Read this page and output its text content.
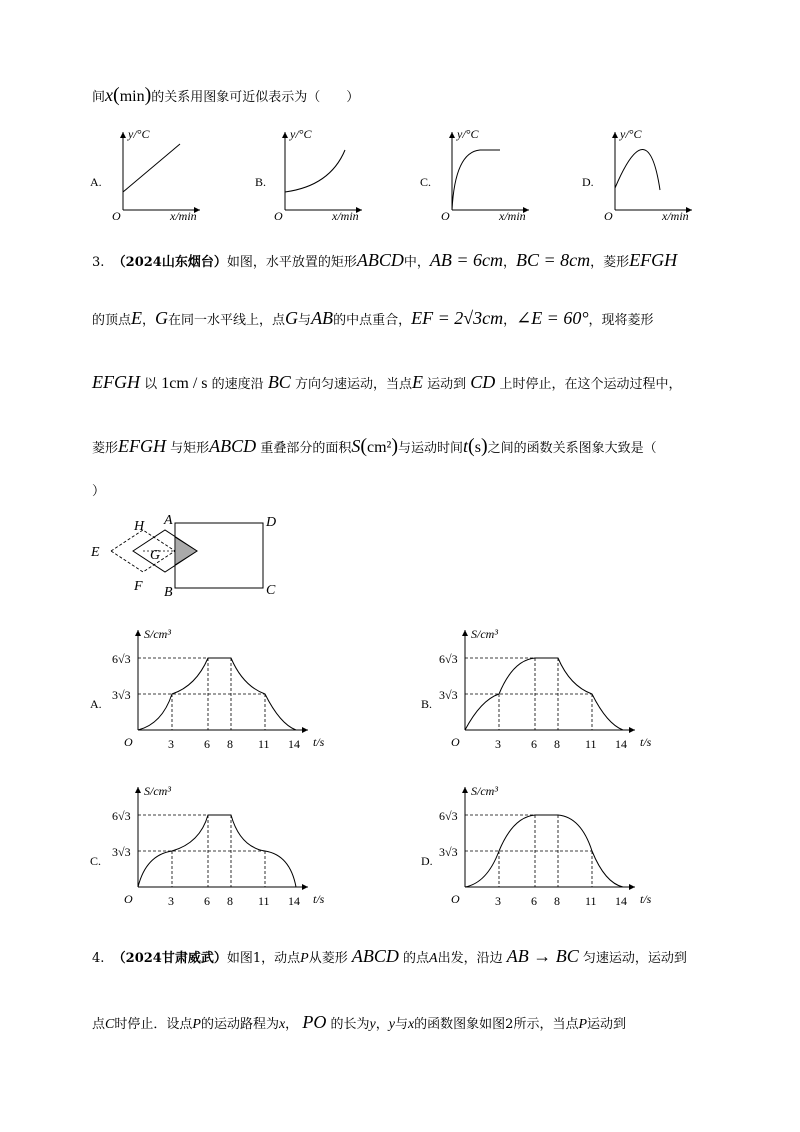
间x(min)的关系用图象可近似表示为（　　）
A.
y/°C
x/min
O
B.
y/°C
x/min
O
C.
y/°C
x/min
O
D.
y/°C
x/min
O
3. （2024山东烟台）如图，水平放置的矩形ABCD中，AB = 6cm，BC = 8cm，菱形EFGH
的顶点E，G在同一水平线上，点G与AB的中点重合，EF = 2√3cm，∠E = 60°，现将菱形
EFGH 以 1cm / s 的速度沿 BC 方向匀速运动，当点E 运动到 CD 上时停止，在这个运动过程中，
菱形EFGH 与矩形ABCD 重叠部分的面积S(cm²)与运动时间t(s)之间的函数关系图象大致是（
）
H A	D
E	G
F B	C
A.
S/cm³
t/s
O
6√3
3√3
3	6 8 11 14
B.
S/cm³
t/s
O
6√3
3√3
3	6 8 11 14
C.
S/cm³
t/s
O
6√3
3√3
3	6 8 11 14
D.
S/cm³
t/s
O
6√3
3√3
3	6 8 11 14
4. （2024甘肃威武）如图1，动点P从菱形 ABCD 的点A出发，沿边 AB → BC 匀速运动，运动到
点C时停止．设点P的运动路程为x， PO 的长为y，y与x的函数图象如图2所示，当点P运动到
